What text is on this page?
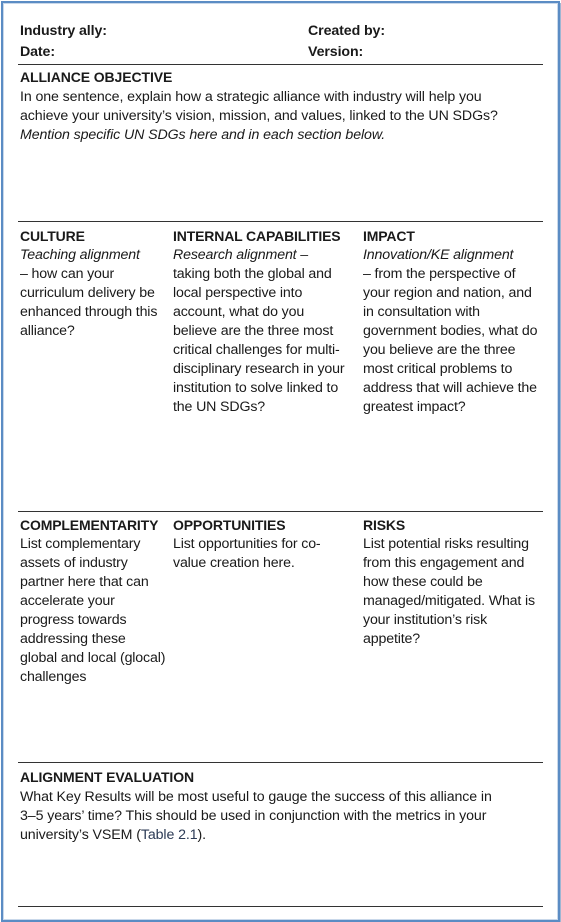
Industry ally:	Created by:
Date:	Version:
ALLIANCE OBJECTIVE
In one sentence, explain how a strategic alliance with industry will help you
achieve your university’s vision, mission, and values, linked to the UN SDGs?
Mention specific UN SDGs here and in each section below.
CULTURE
Teaching alignment
– how can your curriculum delivery be enhanced through this alliance?
INTERNAL CAPABILITIES
Research alignment –
taking both the global and local perspective into account, what do you believe are the three most critical challenges for multi-disciplinary research in your institution to solve linked to the UN SDGs?
IMPACT
Innovation/KE alignment
– from the perspective of your region and nation, and in consultation with government bodies, what do you believe are the three most critical problems to address that will achieve the greatest impact?
COMPLEMENTARITY
List complementary assets of industry partner here that can accelerate your progress towards addressing these global and local (glocal) challenges
OPPORTUNITIES
List opportunities for co-value creation here.
RISKS
List potential risks resulting from this engagement and how these could be managed/mitigated. What is your institution’s risk appetite?
ALIGNMENT EVALUATION
What Key Results will be most useful to gauge the success of this alliance in
3–5 years’ time? This should be used in conjunction with the metrics in your
university’s VSEM (Table 2.1).
